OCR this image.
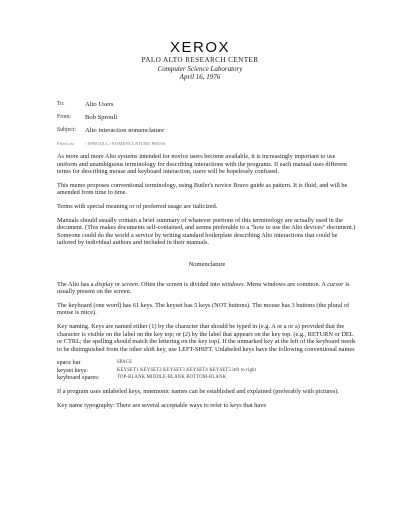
XEROX
PALO ALTO RESEARCH CENTER
Computer Science Laboratory
April 16, 1976
To:	Alto Users
From:	Bob Sproull
Subject:	Alto interaction nomenclature
Filed on:	<SPROULL>NOMENCLATURE.PRESS

As more and more Alto systems intended for novice users become available, it is increasingly important to use uniform and unambiguous terminology for describing interactions with the programs. If each manual uses different terms for describing mouse and keyboard interaction, users will be hopelessly confused.

This memo proposes conventional terminology, using Butler's novice Bravo guide as pattern. It is fluid, and will be amended from time to time.

Terms with special meaning or of preferred usage are italicized.

Manuals should usually contain a brief summary of whatever portions of this terminology are actually used in the document. (This makes documents self-contained, and seems preferable to a "how to use the Alto devices" document.) Someone could do the world a service by writing standard boilerplate describing Alto interactions that could be tailored by individual authors and included in their manuals.

Nomenclature

The Alto has a display or screen. Often the screen is divided into windows. Menu windows are common. A cursor is usually present on the screen.

The keyboard (one word) has 61 keys. The keyset has 5 keys (NOT buttons). The mouse has 3 buttons (the plural of mouse is mice).

Key naming. Keys are named either (1) by the character that should be typed in (e.g. A or a or a) provided that the character is visible on the label on the key top; or (2) by the label that appears on the key top. (e.g., RETURN or DEL or CTRL; the spelling should match the lettering on the key top). If the unmarked key at the left of the keyboard needs to be distinguished from the other shift key, use LEFT-SHIFT. Unlabeled keys have the following conventional names

space bar	SPACE
keyset keys:	KEYSET1 KEYSET2 KEYSET3 KEYSET4 KEYSET5 left to right
keyboard spares:	TOP-BLANK MIDDLE-BLANK BOTTOM-BLANK

If a program uses unlabeled keys, mnemonic names can be established and explained (preferably with pictures).

Key name typography: There are several acceptable ways to refer to keys that have
